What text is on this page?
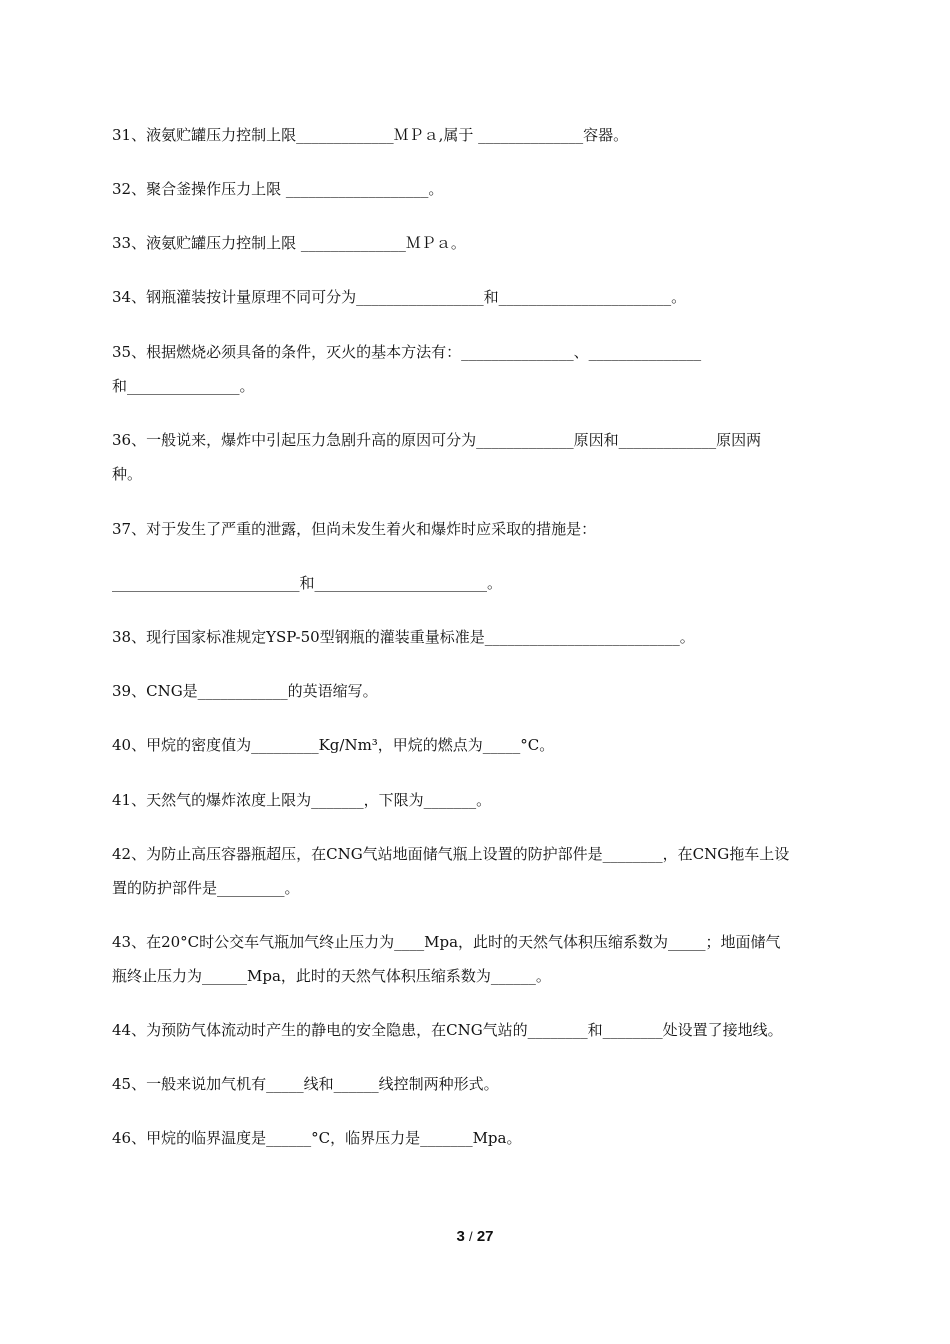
31、液氨贮罐压力控制上限_____________ＭＰａ,属于 ______________容器。
32、聚合釜操作压力上限 ___________________。
33、液氨贮罐压力控制上限 ______________ＭＰａ。
34、钢瓶灌装按计量原理不同可分为_________________和_______________________。
35、根据燃烧必须具备的条件，灭火的基本方法有：_______________、_______________
和_______________。
36、一般说来，爆炸中引起压力急剧升高的原因可分为_____________原因和_____________原因两
种。
37、对于发生了严重的泄露，但尚未发生着火和爆炸时应采取的措施是：
_________________________和_______________________。
38、现行国家标准规定YSP-50型钢瓶的灌装重量标准是__________________________。
39、CNG是____________的英语缩写。
40、甲烷的密度值为_________Kg/Nm³，甲烷的燃点为_____°C。
41、天然气的爆炸浓度上限为_______，下限为_______。
42、为防止高压容器瓶超压，在CNG气站地面储气瓶上设置的防护部件是________，在CNG拖车上设
置的防护部件是_________。
43、在20°C时公交车气瓶加气终止压力为____Mpa，此时的天然气体积压缩系数为_____；地面储气
瓶终止压力为______Mpa，此时的天然气体积压缩系数为______。
44、为预防气体流动时产生的静电的安全隐患，在CNG气站的________和________处设置了接地线。
45、一般来说加气机有_____线和______线控制两种形式。
46、甲烷的临界温度是______°C，临界压力是_______Mpa。
3 / 27
